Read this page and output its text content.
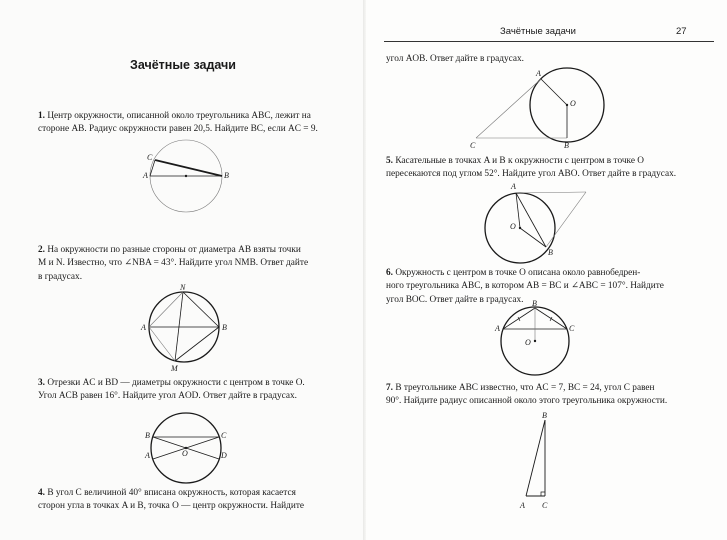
Зачётные задачи

1. Центр окружности, описанной около треугольника ABC, лежит на
стороне AB. Радиус окружности равен 20,5. Найдите BC, если AC = 9.

A	B
C

2. На окружности по разные стороны от диаметра AB взяты точки
M и N. Известно, что ∠NBA = 43°. Найдите угол NMB. Ответ дайте
в градусах.

A	B
N
M

3. Отрезки AC и BD — диаметры окружности с центром в точке O.
Угол ACB равен 16°. Найдите угол AOD. Ответ дайте в градусах.

B	C
A	D
O

4. В угол C величиной 40° вписана окружность, которая касается
сторон угла в точках A и B, точка O — центр окружности. Найдите

Зачётные задачи	27

угол AOB. Ответ дайте в градусах.

A
B
C
O

5. Касательные в точках A и B к окружности с центром в точке O
пересекаются под углом 52°. Найдите угол ABO. Ответ дайте в градусах.

A
B
O

6. Окружность с центром в точке O описана около равнобедрен-
ного треугольника ABC, в котором AB = BC и ∠ABC = 107°. Найдите
угол BOC. Ответ дайте в градусах.

A
B
C
O

7. В треугольнике ABC известно, что AC = 7, BC = 24, угол C равен
90°. Найдите радиус описанной около этого треугольника окружности.

B
A C
